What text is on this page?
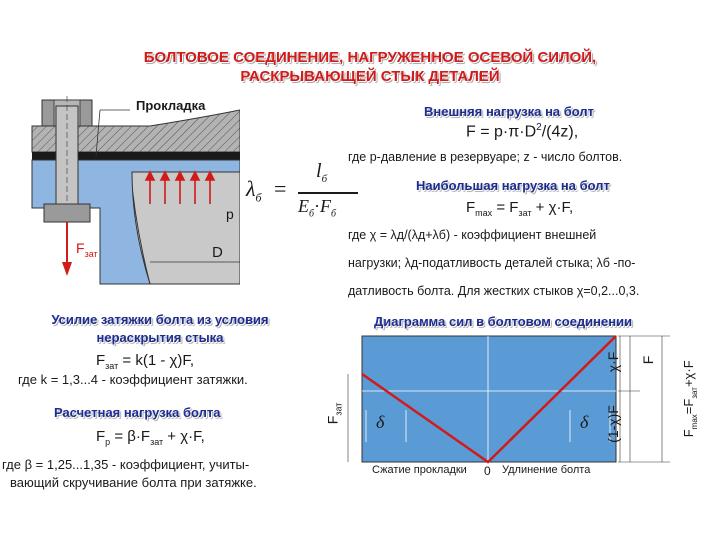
БОЛТОВОЕ СОЕДИНЕНИЕ, НАГРУЖЕННОЕ ОСЕВОЙ СИЛОЙ,
РАСКРЫВАЮЩЕЙ СТЫК ДЕТАЛЕЙ
Прокладка
p
D
$F_{зат}$
$\lambda_б$ =
$l_б$
$E_б\cdot F_б$
Внешняя нагрузка на болт
$F = p\cdot\pi\cdot D^2/(4z)$,
где p-давление в резервуаре; z - число болтов.
Наибольшая нагрузка на болт
$F_{max} = F_{зат} + \chi\cdot F$,
где χ = λд/(λд+λб) - коэффициент внешней
нагрузки; λд-податливость деталей стыка; λб -по-
датливость болта. Для жестких стыков χ=0,2...0,3.
Усилие затяжки болта из условия
нераскрытия стыка
$F_{зат} = k(1 - \chi)F$,
где k = 1,3...4 - коэффициент затяжки.
Расчетная нагрузка болта
$F_р = \beta\cdot F_{зат} + \chi\cdot F$,
где β = 1,25...1,35 - коэффициент, учиты-
вающий скручивание болта при затяжке.
Диаграмма сил в болтовом соединении
$F_{зат}$
δ	δ
χ·F
(1-χ)F
F
$F_{max}=F_{зат}+\chi\cdot F$
Сжатие прокладки 0 Удлинение болта
